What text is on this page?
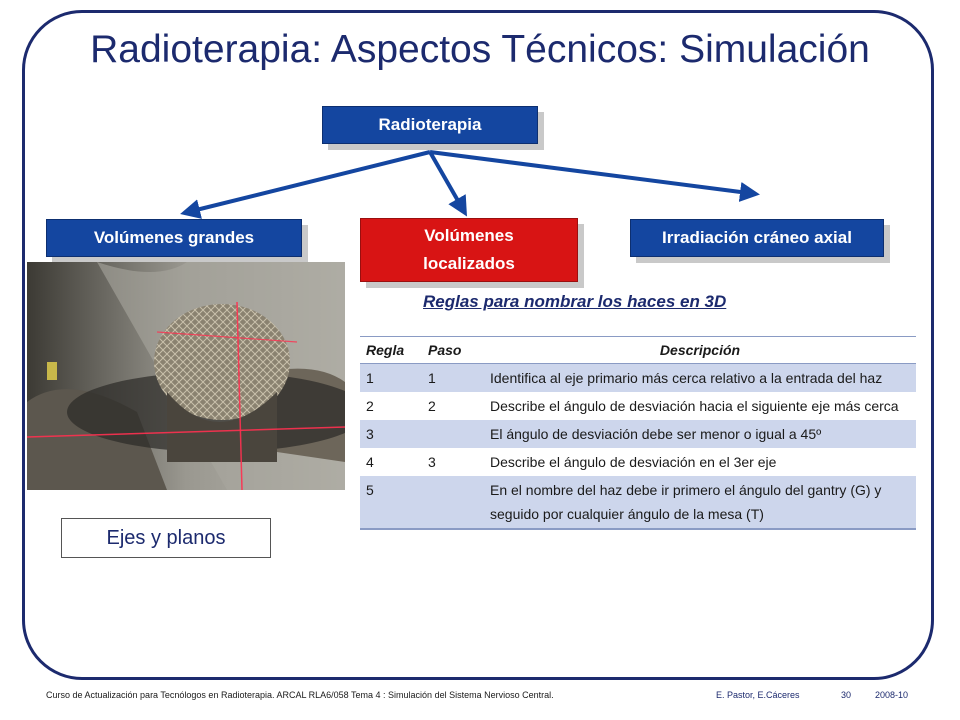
Radioterapia: Aspectos Técnicos: Simulación
Radioterapia
Volúmenes grandes	Volúmenes localizados
Irradiación cráneo axial
Ejes y planos
Reglas para nombrar los haces en 3D
Regla	Paso	Descripción
1	1	Identifica al eje primario más cerca relativo a la entrada del haz
2	2	Describe el ángulo de desviación hacia el siguiente eje más cerca
3		El ángulo de desviación debe ser menor o igual a 45º
4	3	Describe el ángulo de desviación en el 3er eje
5		En el nombre del haz debe ir primero el ángulo del gantry (G) y seguido por cualquier ángulo de la mesa (T)
Curso de Actualización para Tecnólogos en Radioterapia. ARCAL RLA6/058 Tema 4 : Simulación del Sistema Nervioso Central.	E. Pastor, E.Cáceres	30	2008-10
